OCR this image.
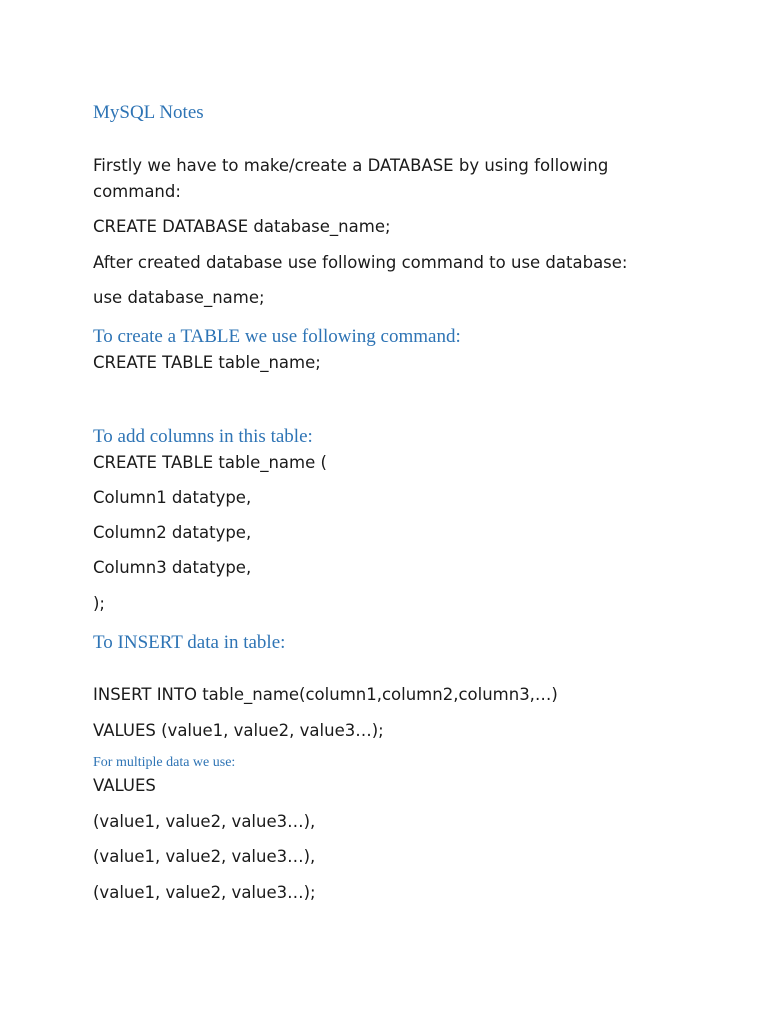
MySQL Notes

Firstly we have to make/create a DATABASE by using following

command:

CREATE DATABASE database_name;

After created database use following command to use database:

use database_name;

To create a TABLE we use following command:

CREATE TABLE table_name;

To add columns in this table:

CREATE TABLE table_name (

Column1 datatype,

Column2 datatype,

Column3 datatype,

);

To INSERT data in table:

INSERT INTO table_name(column1,column2,column3,…)

VALUES (value1, value2, value3…);

For multiple data we use:

VALUES

(value1, value2, value3…),

(value1, value2, value3…),

(value1, value2, value3…);
